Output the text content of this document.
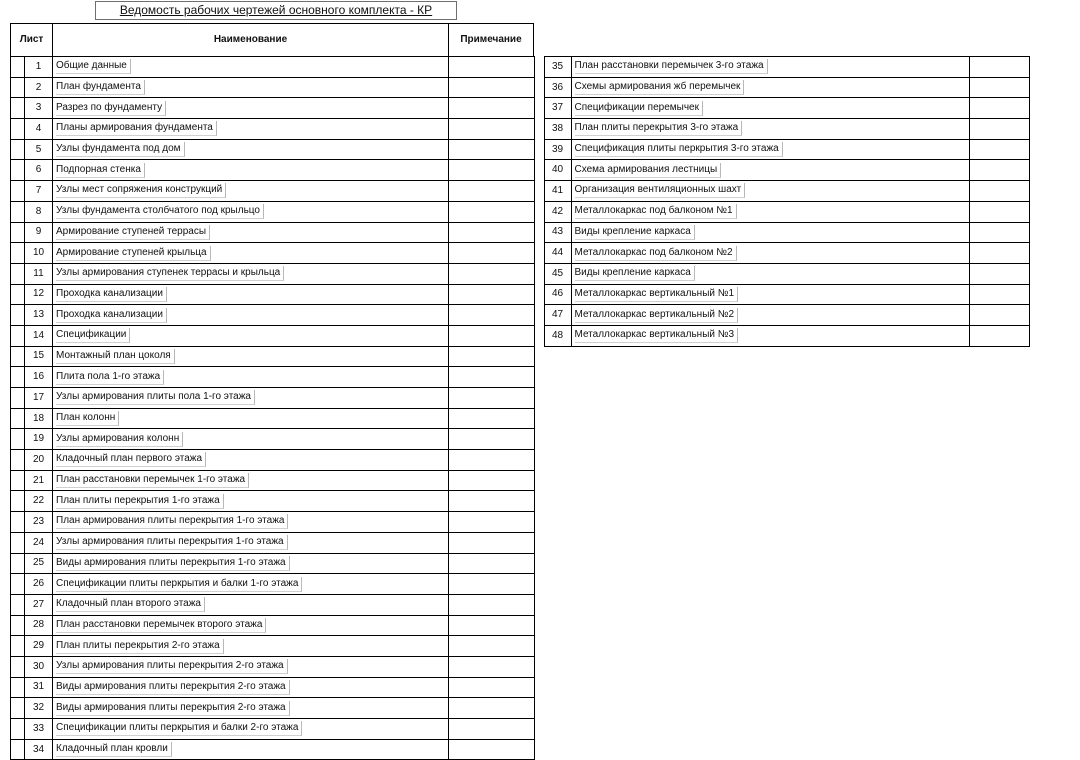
Ведомость рабочих чертежей основного комплекта - КР
Лист	Наименование	Примечание
	1	Общие данные	
	2	План фундамента	
	3	Разрез по фундаменту	
	4	Планы армирования фундамента	
	5	Узлы фундамента под дом	
	6	Подпорная стенка	
	7	Узлы мест сопряжения конструкций	
	8	Узлы фундамента столбчатого под крыльцо	
	9	Армирование ступеней террасы	
	10	Армирование ступеней крыльца	
	11	Узлы армирования ступенек террасы и крыльца	
	12	Проходка канализации	
	13	Проходка канализации	
	14	Спецификации	
	15	Монтажный план цоколя	
	16	Плита пола 1-го этажа	
	17	Узлы армирования плиты пола 1-го этажа	
	18	План колонн	
	19	Узлы армирования колонн	
	20	Кладочный план первого этажа	
	21	План расстановки перемычек 1-го этажа	
	22	План плиты перекрытия 1-го этажа	
	23	План армирования плиты перекрытия 1-го этажа	
	24	Узлы армирования плиты перекрытия 1-го этажа	
	25	Виды армирования плиты перекрытия 1-го этажа	
	26	Спецификации плиты перкрытия и балки 1-го этажа	
	27	Кладочный план второго этажа	
	28	План расстановки перемычек второго этажа	
	29	План плиты перекрытия 2-го этажа	
	30	Узлы армирования плиты перекрытия 2-го этажа	
	31	Виды армирования плиты перекрытия 2-го этажа	
	32	Виды армирования плиты перекрытия 2-го этажа	
	33	Спецификации плиты перкрытия и балки 2-го этажа	
	34	Кладочный план кровли	
	35	План расстановки перемычек 3-го этажа	
	36	Схемы армирования жб перемычек	
	37	Спецификации перемычек	
	38	План плиты перекрытия 3-го этажа	
	39	Спецификация плиты перкрытия 3-го этажа	
	40	Схема армирования лестницы	
	41	Организация вентиляционных шахт	
	42	Металлокаркас под балконом №1	
	43	Виды крепление каркаса	
	44	Металлокаркас под балконом №2	
	45	Виды крепление каркаса	
	46	Металлокаркас вертикальный №1	
	47	Металлокаркас вертикальный №2	
	48	Металлокаркас вертикальный №3	
